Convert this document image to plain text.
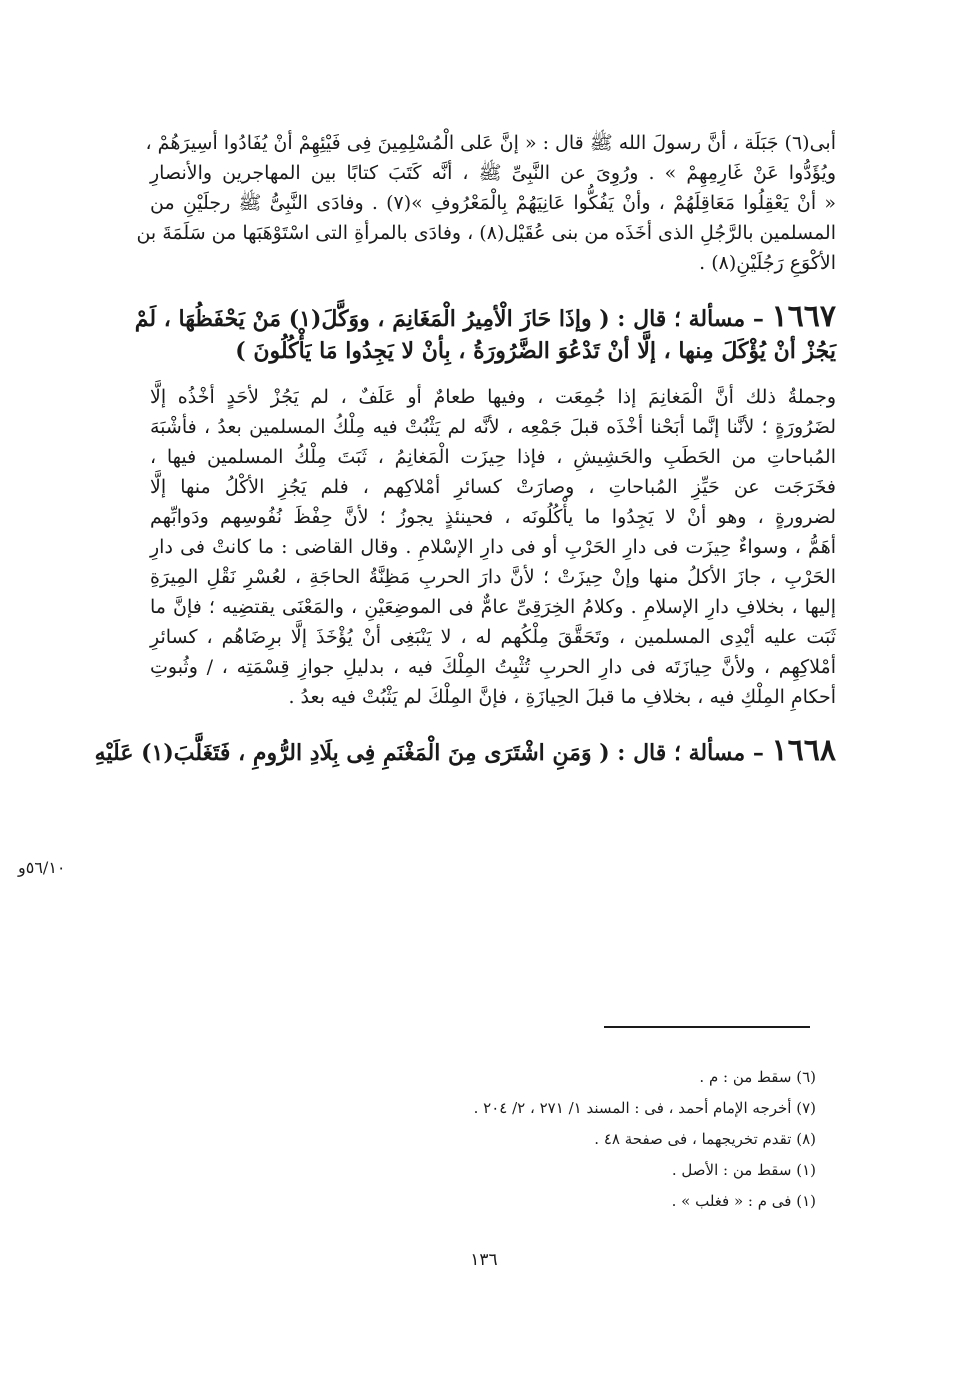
أبى(٦) جَبَلَة ، أنَّ رسولَ الله ﷺ قال : « إنَّ عَلى الْمُسْلِمِينَ فِى فَيْئِهِمْ أنْ يُفَادُوا أسِيرَهُمْ ،
ويُؤَدُّوا عَنْ غَارِمِهِمْ » . ورُوِىَ عن النَّبِىِّ ﷺ ، أنَّه كَتَبَ كتابًا بين المهاجرين والأنصارِ
« أنْ يَعْقِلُوا مَعَاقِلَهُمْ ، وأنْ يَفُكُّوا عَانِيَهُمْ بِالْمَعْرُوفِ »(٧) . وفادَى النَّبِىُّ ﷺ رجلَيْنِ من
المسلمين بالرَّجُلِ الذى أخَذَه من بنى عُقَيْل(٨) ، وفادَى بالمرأةِ التى اسْتَوْهَبَها من سَلَمَةَ بن
الأكْوَعِ رَجُلَيْنِ(٨) .
١٦٦٧ – مسألة ؛ قال : ( وإذَا حَازَ الْأمِيرُ الْمَغَانِمَ ، ووَكَّلَ(١) مَنْ يَحْفَظُهَا ، لَمْ
يَجُزْ أنْ يُؤْكَلَ مِنها ، إلَّا أنْ تَدْعُوَ الضَّرُورَةُ ، بِأنْ لا يَجِدُوا مَا يَأْكُلُونَ )
وجملةُ ذلك أنَّ الْمَغانِمَ إذا جُمِعَت ، وفيها طعامٌ أو عَلَفٌ ، لم يَجُزْ لأحَدٍ أخْذُه إلَّا
لضَرُورَةٍ ؛ لأنَّنا إنَّما أبَحْنا أخْذَه قبلَ جَمْعِه ، لأنَّه لم يَثْبُتْ فيه مِلْكُ المسلمين بعدُ ، فأشْبَهَ
المُباحاتِ من الحَطَبِ والحَشِيشِ ، فإذا حِيزَت الْمَغانِمُ ، ثَبَتَ مِلْكُ المسلمين فيها ،
فخَرَجَت عن حَيِّزِ المُباحاتِ ، وصارَتْ كسائرِ أمْلاكِهم ، فلم يَجُزِ الأكْلُ منها إلَّا
لضرورةٍ ، وهو أنْ لا يَجِدُوا ما يأْكُلُونَه ، فحينئذٍ يجوزُ ؛ لأنَّ حِفْظَ نُفُوسِهم ودَوابِّهم
أهَمُّ ، وسواءٌ حِيزَت فى دارِ الحَرْبِ أو فى دارِ الإسْلامِ . وقال القاضى : ما كانتْ فى دارِ
الحَرْبِ ، جازَ الأكلُ منها وإنْ حِيزَتْ ؛ لأنَّ دارَ الحربِ مَظِنَّةُ الحاجَةِ ، لعُسْرِ نَقْلِ المِيرَةِ
إليها ، بخلافِ دارِ الإسلامِ . وكلامُ الخِرَقِىِّ عامٌّ فى الموضِعَيْنِ ، والمَعْنَى يقتضِيه ؛ فإنَّ ما
ثَبَت عليه أيْدِى المسلمين ، وتَحَقَّقَ مِلْكُهم له ، لا يَنْبَغِى أنْ يُؤْخَذَ إلَّا برِضَاهُم ، كسائرِ
أمْلاكِهِم ، ولأنَّ حِيازَتَه فى دارِ الحربِ تُثْبِتُ المِلْكَ فيه ، بدليلِ جوازِ قِسْمَتِه ، / وثُبوتِ
أحكامِ المِلْكِ فيه ، بخلافِ ما قبلَ الحِيازَةِ ، فإنَّ المِلْكَ لم يَثْبُتْ فيه بعدُ .
١٦٦٨ – مسألة ؛ قال : ( وَمَنِ اشْتَرَى مِنَ الْمَغْنَمِ فِى بِلَادِ الرُّومِ ، فَتَغَلَّبَ(١) عَلَيْهِ
٥٦/١٠و
(٦) سقط من : م .
(٧) أخرجه الإمام أحمد ، فى : المسند ١/ ٢٧١ ، ٢/ ٢٠٤ .
(٨) تقدم تخريجهما ، فى صفحة ٤٨ .
(١) سقط من : الأصل .
(١) فى م : « فغلب » .
١٣٦
